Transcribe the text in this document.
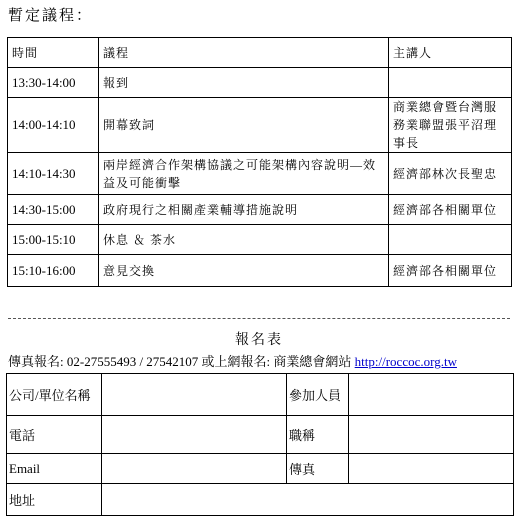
暫定議程：
時間	議程	主講人
13:30-14:00	報到	
14:00-14:10	開幕致詞	商業總會暨台灣服務業聯盟張平沼理事長
14:10-14:30	兩岸經濟合作架構協議之可能架構內容說明—效益及可能衝擊	經濟部林次長聖忠
14:30-15:00	政府現行之相關產業輔導措施說明	經濟部各相關單位
15:00-15:10	休息 ＆ 茶水	
15:10-16:00	意見交換	經濟部各相關單位
報名表
傳真報名: 02-27555493 / 27542107 或上網報名: 商業總會網站 http://roccoc.org.tw
公司/單位名稱		參加人員	
電話		職稱	
Email		傳真	
地址			
